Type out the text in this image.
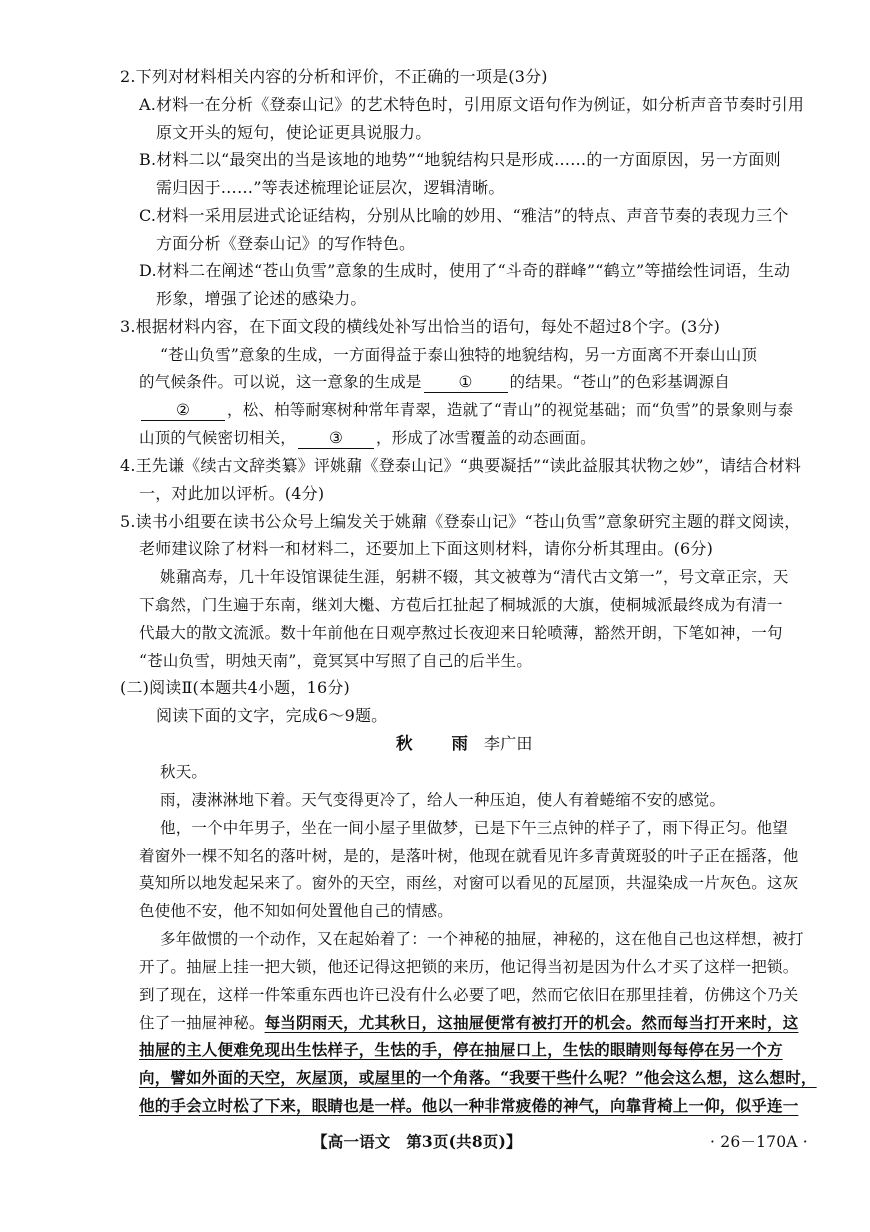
2.下列对材料相关内容的分析和评价，不正确的一项是(3分)
A.材料一在分析《登泰山记》的艺术特色时，引用原文语句作为例证，如分析声音节奏时引用
原文开头的短句，使论证更具说服力。
B.材料二以“最突出的当是该地的地势”“地貌结构只是形成……的一方面原因，另一方面则
需归因于……”等表述梳理论证层次，逻辑清晰。
C.材料一采用层进式论证结构，分别从比喻的妙用、“雅洁”的特点、声音节奏的表现力三个
方面分析《登泰山记》的写作特色。
D.材料二在阐述“苍山负雪”意象的生成时，使用了“斗奇的群峰”“鹤立”等描绘性词语，生动
形象，增强了论述的感染力。
3.根据材料内容，在下面文段的横线处补写出恰当的语句，每处不超过8个字。(3分)
“苍山负雪”意象的生成，一方面得益于泰山独特的地貌结构，另一方面离不开泰山山顶
的气候条件。可以说，这一意象的生成是 ① 的结果。“苍山”的色彩基调源自
② ，松、柏等耐寒树种常年青翠，造就了“青山”的视觉基础；而“负雪”的景象则与泰
山顶的气候密切相关， ③ ，形成了冰雪覆盖的动态画面。
4.王先谦《续古文辞类纂》评姚鼐《登泰山记》“典要凝括”“读此益服其状物之妙”，请结合材料
一，对此加以评析。(4分)
5.读书小组要在读书公众号上编发关于姚鼐《登泰山记》“苍山负雪”意象研究主题的群文阅读，
老师建议除了材料一和材料二，还要加上下面这则材料，请你分析其理由。(6分)
姚鼐高寿，几十年设馆课徒生涯，躬耕不辍，其文被尊为“清代古文第一”，号文章正宗，天
下翕然，门生遍于东南，继刘大櫆、方苞后扛扯起了桐城派的大旗，使桐城派最终成为有清一
代最大的散文流派。数十年前他在日观亭熬过长夜迎来日轮喷薄，豁然开朗，下笔如神，一句
“苍山负雪，明烛天南”，竟冥冥中写照了自己的后半生。
(二)阅读Ⅱ(本题共4小题，16分)
阅读下面的文字，完成6～9题。
秋　　雨 李广田
秋天。
雨，凄淋淋地下着。天气变得更冷了，给人一种压迫，使人有着蜷缩不安的感觉。
他，一个中年男子，坐在一间小屋子里做梦，已是下午三点钟的样子了，雨下得正匀。他望
着窗外一棵不知名的落叶树，是的，是落叶树，他现在就看见许多青黄斑驳的叶子正在摇落，他
莫知所以地发起呆来了。窗外的天空，雨丝，对窗可以看见的瓦屋顶，共湿染成一片灰色。这灰
色使他不安，他不知如何处置他自己的情感。
多年做惯的一个动作，又在起始着了：一个神秘的抽屉，神秘的，这在他自己也这样想，被打
开了。抽屉上挂一把大锁，他还记得这把锁的来历，他记得当初是因为什么才买了这样一把锁。
到了现在，这样一件笨重东西也许已没有什么必要了吧，然而它依旧在那里挂着，仿佛这个乃关
住了一抽屉神秘。每当阴雨天，尤其秋日，这抽屉便常有被打开的机会。然而每当打开来时，这
抽屉的主人便难免现出生怯样子，生怯的手，停在抽屉口上，生怯的眼睛则每每停在另一个方
向，譬如外面的天空，灰屋顶，或屋里的一个角落。“我要干些什么呢？”他会这么想，这么想时，
他的手会立时松了下来，眼睛也是一样。他以一种非常疲倦的神气，向靠背椅上一仰，似乎连一
【高一语文　第3页(共8页)】	· 26－170A ·
